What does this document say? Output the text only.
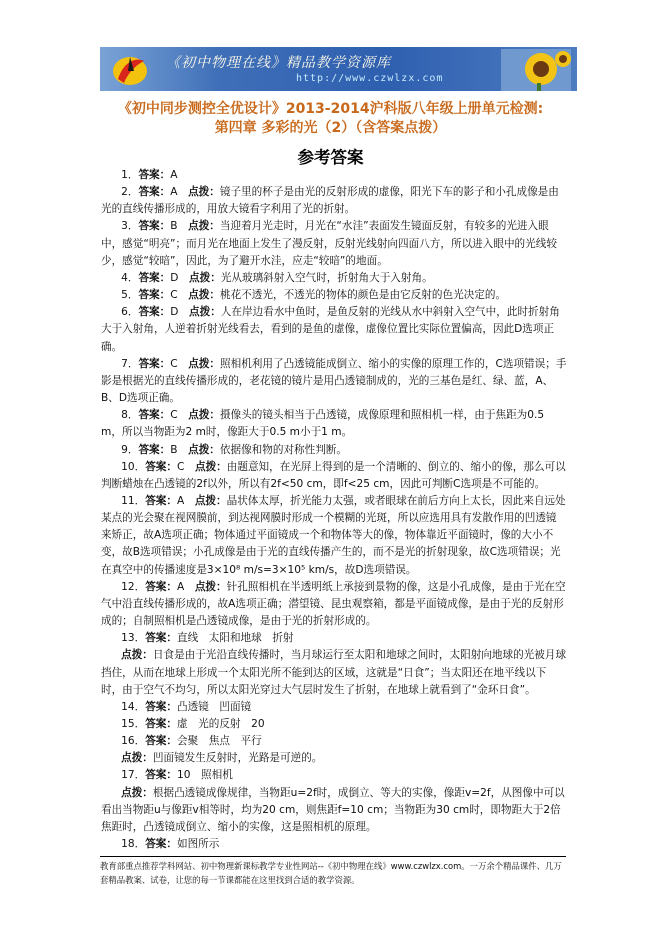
《初中物理在线》精品教学资源库
http://www.czwlzx.com
《初中同步测控全优设计》2013-2014沪科版八年级上册单元检测:
第四章 多彩的光（2）（含答案点拨）
参考答案

1．答案：A

2．答案：A　点拨：镜子里的杯子是由光的反射形成的虚像，阳光下车的影子和小孔成像是由光的直线传播形成的，用放大镜看字利用了光的折射。

3．答案：B　点拨：当迎着月光走时，月光在“水洼”表面发生镜面反射，有较多的光进入眼中，感觉“明亮”；而月光在地面上发生了漫反射，反射光线射向四面八方，所以进入眼中的光线较少，感觉“较暗”，因此，为了避开水洼，应走“较暗”的地面。

4．答案：D　点拨：光从玻璃斜射入空气时，折射角大于入射角。

5．答案：C　点拨：桃花不透光，不透光的物体的颜色是由它反射的色光决定的。

6．答案：D　点拨：人在岸边看水中鱼时，是鱼反射的光线从水中斜射入空气中，此时折射角大于入射角，人逆着折射光线看去，看到的是鱼的虚像，虚像位置比实际位置偏高，因此D选项正确。

7．答案：C　点拨：照相机利用了凸透镜能成倒立、缩小的实像的原理工作的，C选项错误；手影是根据光的直线传播形成的，老花镜的镜片是用凸透镜制成的，光的三基色是红、绿、蓝，A、B、D选项正确。

8．答案：C　点拨：摄像头的镜头相当于凸透镜，成像原理和照相机一样，由于焦距为0.5 m，所以当物距为2 m时，像距大于0.5 m小于1 m。

9．答案：B　点拨：依据像和物的对称性判断。

10．答案：C　点拨：由题意知，在光屏上得到的是一个清晰的、倒立的、缩小的像，那么可以判断蜡烛在凸透镜的2f以外，所以有2f<50 cm，即f<25 cm，因此可判断C选项是不可能的。

11．答案：A　点拨：晶状体太厚，折光能力太强，或者眼球在前后方向上太长，因此来自远处某点的光会聚在视网膜前，到达视网膜时形成一个模糊的光斑，所以应选用具有发散作用的凹透镜来矫正，故A选项正确；物体通过平面镜成一个和物体等大的像，物体靠近平面镜时，像的大小不变，故B选项错误；小孔成像是由于光的直线传播产生的，而不是光的折射现象，故C选项错误；光在真空中的传播速度是3×10⁸ m/s=3×10⁵ km/s，故D选项错误。

12．答案：A　点拨：针孔照相机在半透明纸上承接到景物的像，这是小孔成像，是由于光在空气中沿直线传播形成的，故A选项正确；潜望镜、昆虫观察箱，都是平面镜成像，是由于光的反射形成的；自制照相机是凸透镜成像，是由于光的折射形成的。

13．答案：直线　太阳和地球　折射

点拨：日食是由于光沿直线传播时，当月球运行至太阳和地球之间时，太阳射向地球的光被月球挡住，从而在地球上形成一个太阳光所不能到达的区域，这就是“日食”；当太阳还在地平线以下时，由于空气不均匀，所以太阳光穿过大气层时发生了折射，在地球上就看到了“金环日食”。

14．答案：凸透镜　凹面镜

15．答案：虚　光的反射　20

16．答案：会聚　焦点　平行

点拨：凹面镜发生反射时，光路是可逆的。

17．答案：10　照相机

点拨：根据凸透镜成像规律，当物距u=2f时，成倒立、等大的实像，像距v=2f，从图像中可以看出当物距u与像距v相等时，均为20 cm，则焦距f=10 cm；当物距为30 cm时，即物距大于2倍焦距时，凸透镜成倒立、缩小的实像，这是照相机的原理。

18．答案：如图所示

教育部重点推荐学科网站、初中物理新课标教学专业性网站--《初中物理在线》www.czwlzx.com。一万余个精品课件、几万套精品教案、试卷，让您的每一节课都能在这里找到合适的教学资源。
